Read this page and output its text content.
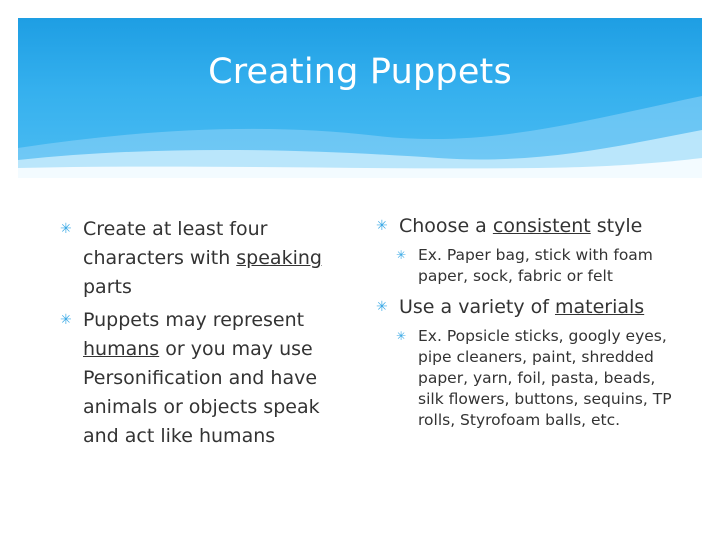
Creating Puppets
✳ Create at least four characters with speaking parts
✳ Puppets may represent humans or you may use Personification and have animals or objects speak and act like humans
✳ Choose a consistent style
✳ Ex. Paper bag, stick with foam paper, sock, fabric or felt
✳ Use a variety of materials
✳ Ex. Popsicle sticks, googly eyes, pipe cleaners, paint, shredded paper, yarn, foil, pasta, beads, silk flowers, buttons, sequins, TP rolls, Styrofoam balls, etc.
